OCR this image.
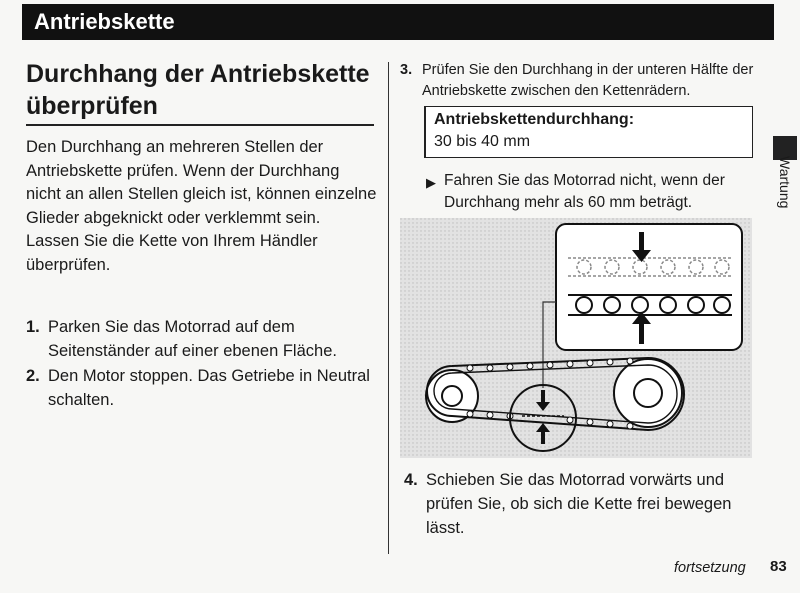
Antriebskette
Durchhang der Antriebskette
überprüfen

Den Durchhang an mehreren Stellen der Antriebskette prüfen. Wenn der Durchhang nicht an allen Stellen gleich ist, können einzelne Glieder abgeknickt oder verklemmt sein.

Lassen Sie die Kette von Ihrem Händler überprüfen.

1. Parken Sie das Motorrad auf dem Seitenständer auf einer ebenen Fläche.
2. Den Motor stoppen. Das Getriebe in Neutral schalten.
3. Prüfen Sie den Durchhang in der unteren Hälfte der Antriebskette zwischen den Kettenrädern.
Antriebskettendurchhang:
30 bis 40 mm
▶ Fahren Sie das Motorrad nicht, wenn der Durchhang mehr als 60 mm beträgt.
4. Schieben Sie das Motorrad vorwärts und prüfen Sie, ob sich die Kette frei bewegen lässt.
Wartung
fortsetzung 83
